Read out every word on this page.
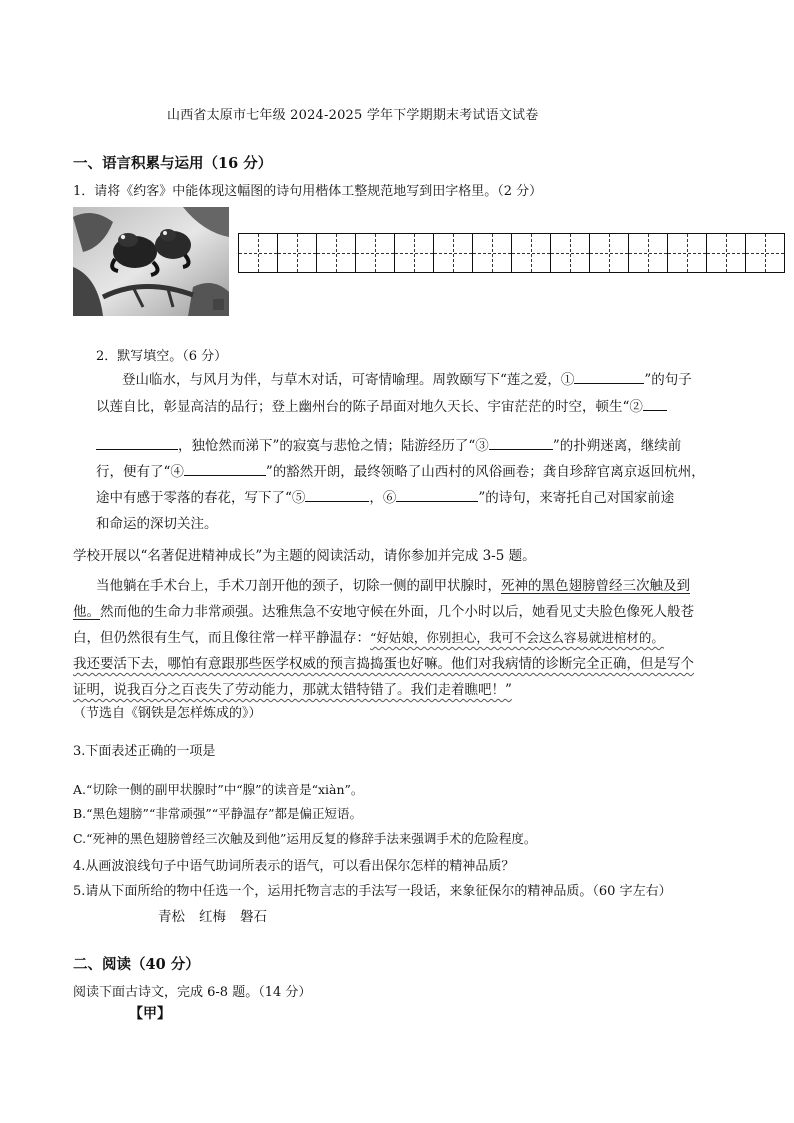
山西省太原市七年级 2024-2025 学年下学期期末考试语文试卷
一、语言积累与运用（16 分）
1．请将《约客》中能体现这幅图的诗句用楷体工整规范地写到田字格里。（2 分）
2．默写填空。（6 分）
登山临水，与风月为伴，与草木对话，可寄情喻理。周敦颐写下“莲之爱，①	”的句子
以莲自比，彰显高洁的品行；登上幽州台的陈子昂面对地久天长、宇宙茫茫的时空，顿生“②
，独怆然而涕下”的寂寞与悲怆之情；陆游经历了“③	”的扑朔迷离，继续前
行，便有了“④	”的豁然开朗，最终领略了山西村的风俗画卷；龚自珍辞官离京返回杭州，
途中有感于零落的春花，写下了“⑤	，⑥	”的诗句，来寄托自己对国家前途
和命运的深切关注。
学校开展以“名著促进精神成长”为主题的阅读活动，请你参加并完成 3-5 题。
当他躺在手术台上，手术刀剖开他的颈子，切除一侧的副甲状腺时，死神的黑色翅膀曾经三次触及到
他。然而他的生命力非常顽强。达雅焦急不安地守候在外面，几个小时以后，她看见丈夫脸色像死人般苍
白，但仍然很有生气，而且像往常一样平静温存：“好姑娘，你别担心，我可不会这么容易就进棺材的。
我还要活下去，哪怕有意跟那些医学权威的预言捣捣蛋也好嘛。他们对我病情的诊断完全正确，但是写个
证明，说我百分之百丧失了劳动能力，那就太错特错了。我们走着瞧吧！”
（节选自《钢铁是怎样炼成的》）
3.下面表述正确的一项是
A.“切除一侧的副甲状腺时”中“腺”的读音是“xiàn”。
B.“黑色翅膀”“非常顽强”“平静温存”都是偏正短语。
C.“死神的黑色翅膀曾经三次触及到他”运用反复的修辞手法来强调手术的危险程度。
4.从画波浪线句子中语气助词所表示的语气，可以看出保尔怎样的精神品质？
5.请从下面所给的物中任选一个，运用托物言志的手法写一段话，来象征保尔的精神品质。（60 字左右）
青松 红梅 磐石
二、阅读（40 分）
阅读下面古诗文，完成 6-8 题。（14 分）
【甲】
